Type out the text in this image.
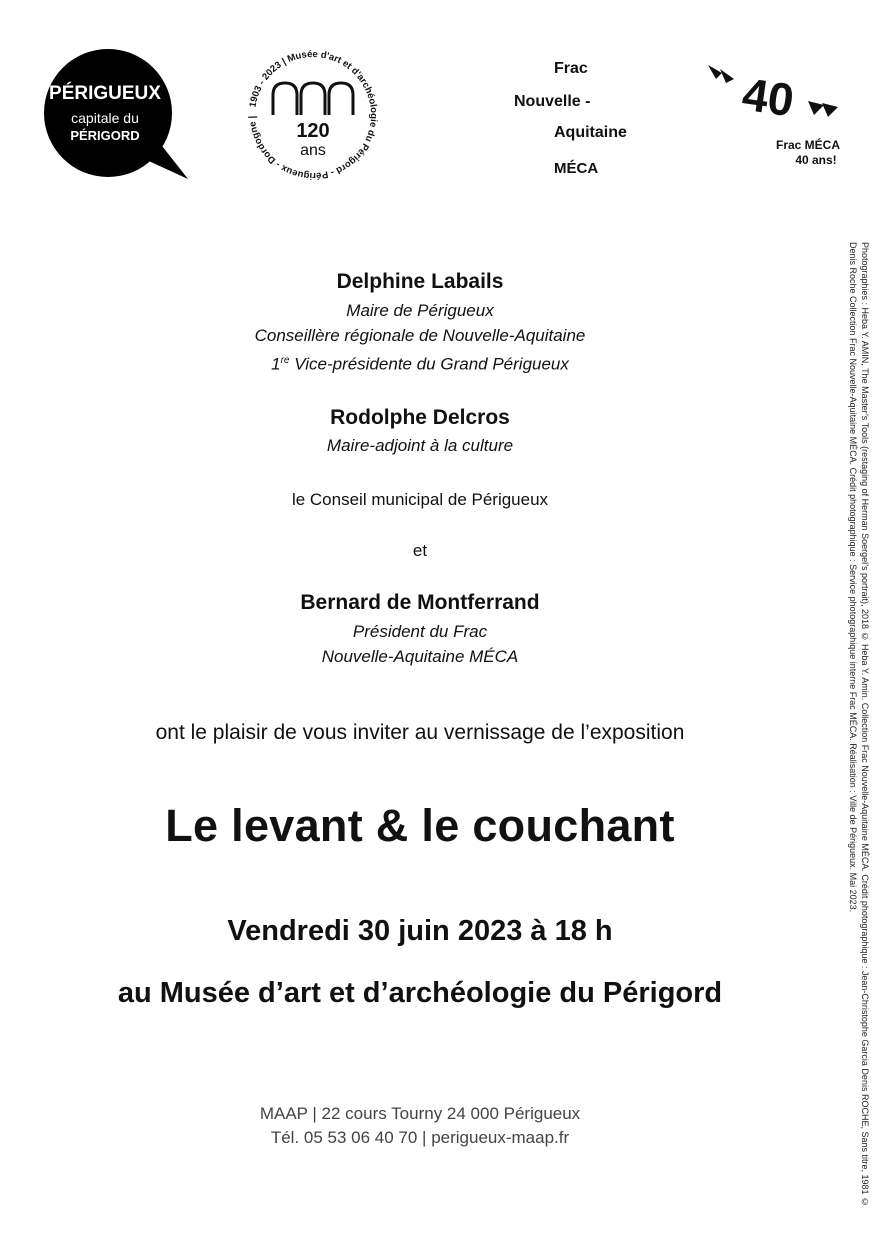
PÉRIGUEUX
capitale du
PÉRIGORD
1903 - 2023 | Musée d'art et d'archéologie du Périgord - Périgueux - Dordogne |
120
ans
Frac
Nouvelle -
Aquitaine
MÉCA
40
Frac MÉCA
40 ans!
Delphine Labails
Maire de Périgueux
Conseillère régionale de Nouvelle-Aquitaine
1re Vice-présidente du Grand Périgueux
Rodolphe Delcros
Maire-adjoint à la culture
le Conseil municipal de Périgueux
et
Bernard de Montferrand
Président du Frac
Nouvelle-Aquitaine MÉCA
ont le plaisir de vous inviter au vernissage de l’exposition
Le levant & le couchant
Vendredi 30 juin 2023 à 18 h
au Musée d’art et d’archéologie du Périgord
MAAP | 22 cours Tourny 24 000 Périgueux
Tél. 05 53 06 40 70 | perigueux-maap.fr	Photographies : Heba Y. AMIN, The Master’s Tools (restaging of Herman Soergel’s portrait), 2018 © Heba Y. Amin. Collection Frac Nouvelle-Aquitaine MÉCA. Crédit photographique : Jean-Christophe Garcia Denis ROCHE, Sans titre, 1981 © Denis Roche Collection Frac Nouvelle-Aquitaine MÉCA. Crédit photographique : Service photographique interne Frac MÉCA. Réalisation : Ville de Périgueux. Mai 2023.
